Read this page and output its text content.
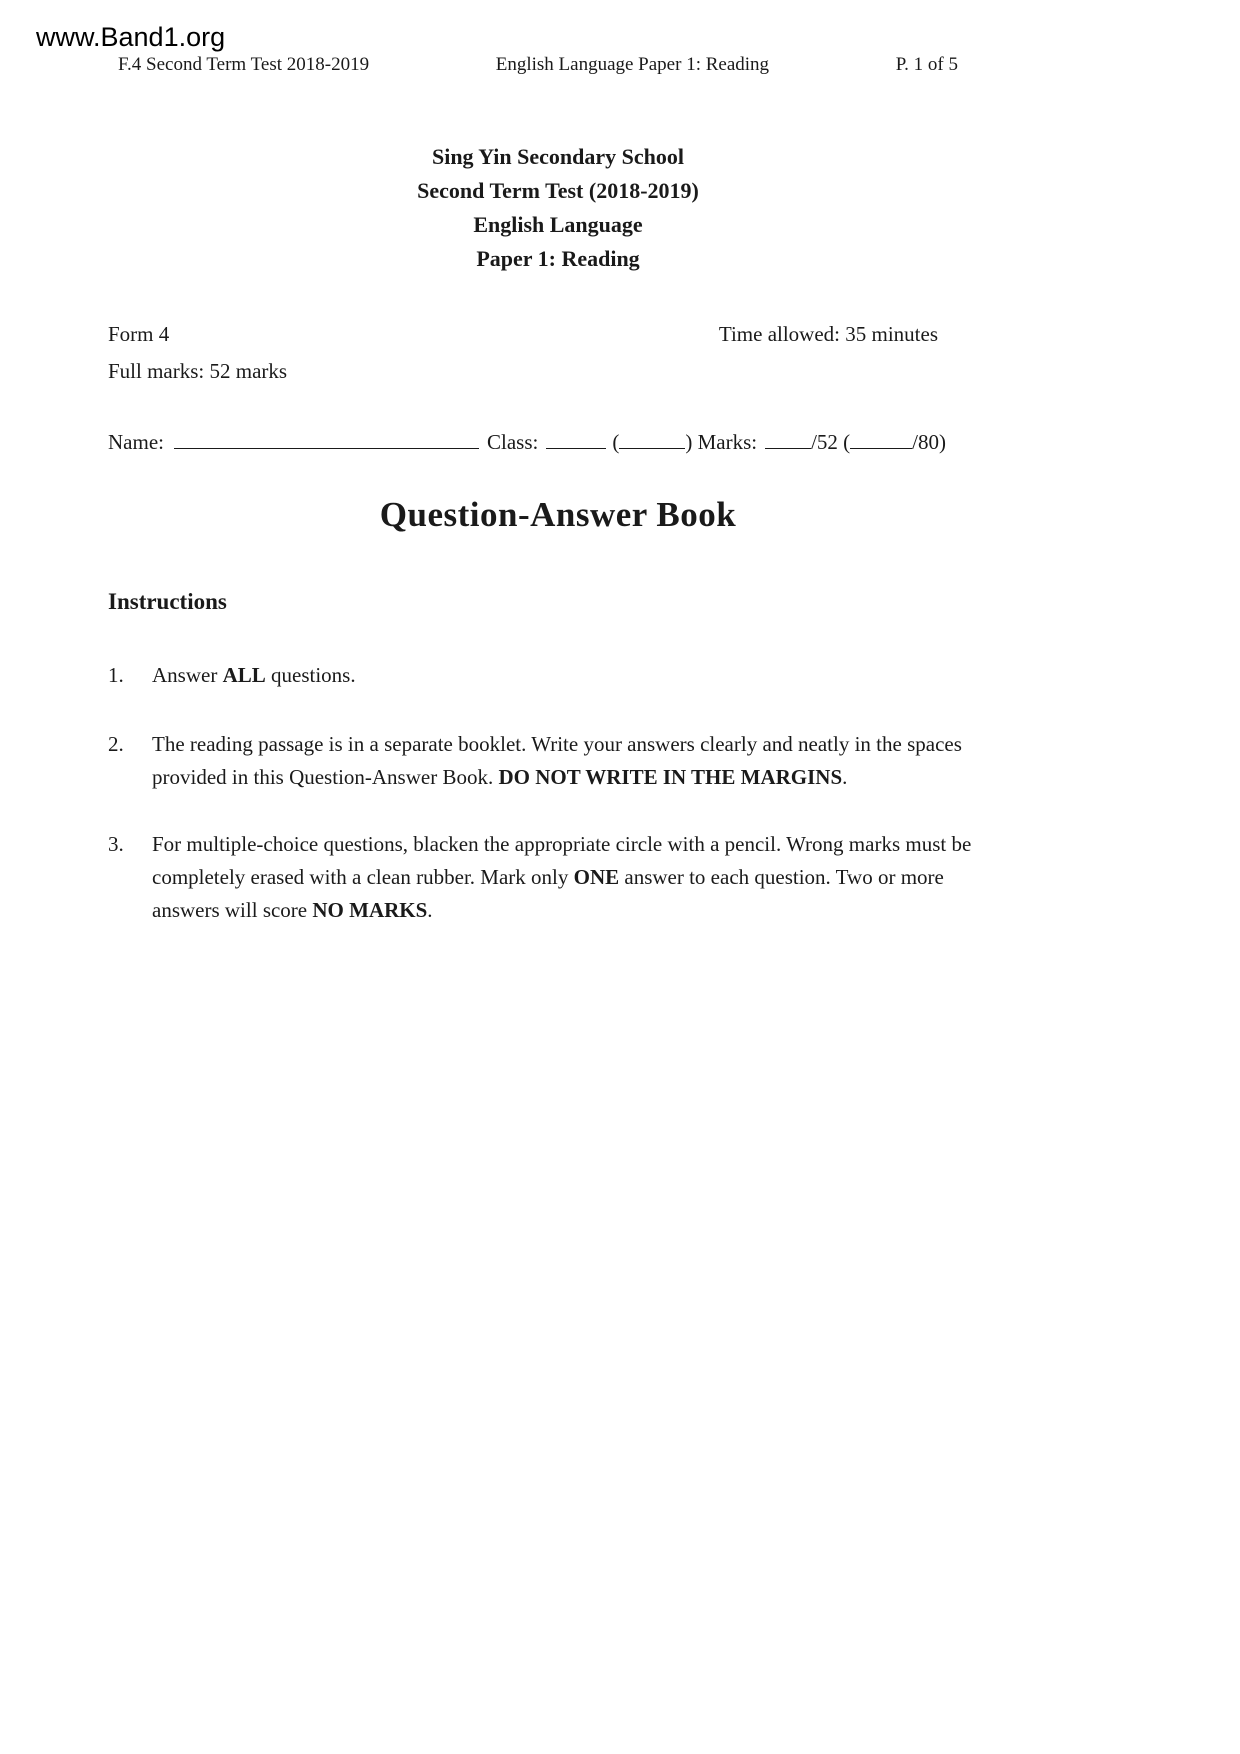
www.Band1.org
F.4 Second Term Test 2018-2019	English Language Paper 1: Reading	P. 1 of 5
Sing Yin Secondary School
Second Term Test (2018-2019)
English Language
Paper 1: Reading
Form 4	Time allowed: 35 minutes
Full marks: 52 marks
Name:	Class:	(	) Marks:	/52 (	/80)
Question-Answer Book
Instructions
1.	Answer ALL questions.
2.	The reading passage is in a separate booklet. Write your answers clearly and neatly in the spaces provided in this Question-Answer Book. DO NOT WRITE IN THE MARGINS.
3.	For multiple-choice questions, blacken the appropriate circle with a pencil. Wrong marks must be completely erased with a clean rubber. Mark only ONE answer to each question. Two or more answers will score NO MARKS.
